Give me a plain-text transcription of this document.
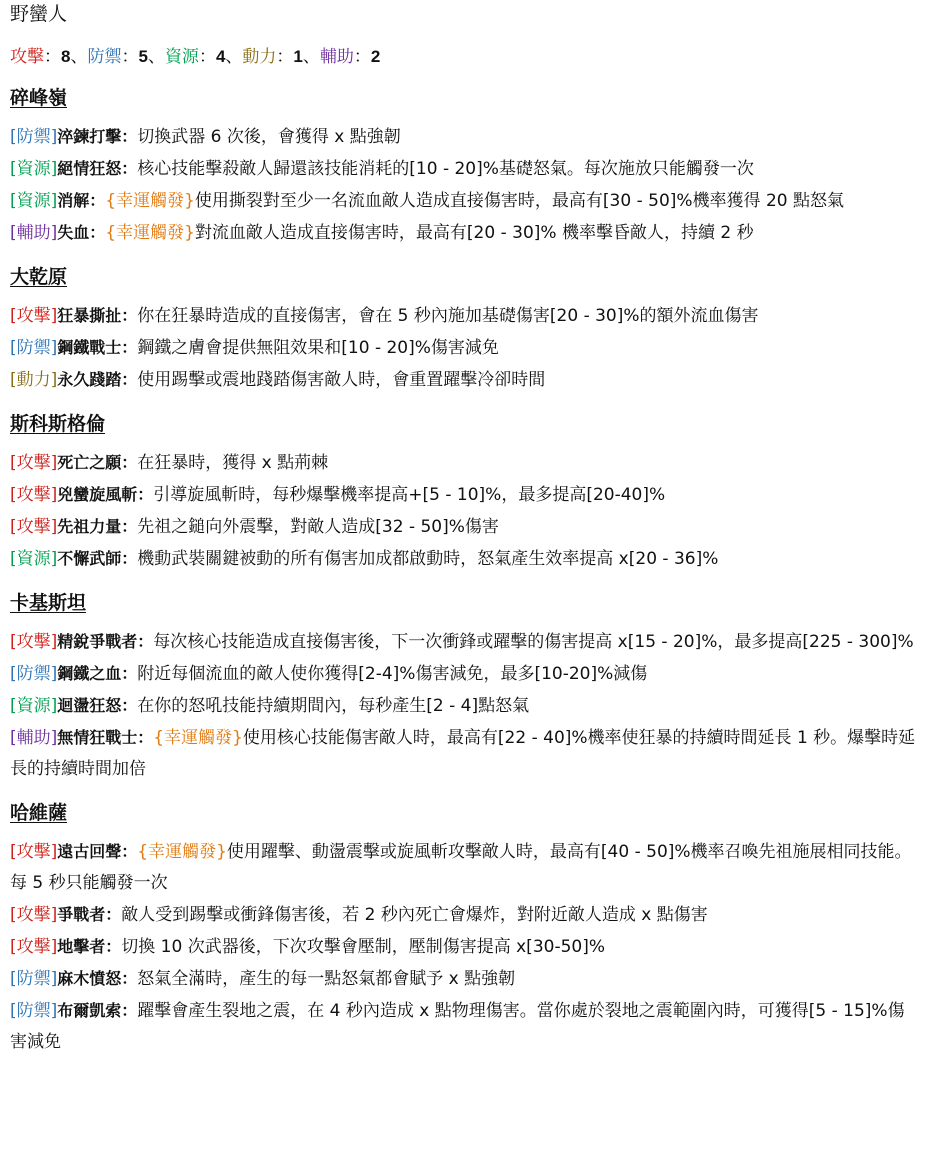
野蠻人
攻擊：8、防禦：5、資源：4、動力：1、輔助：2
碎峰嶺
[防禦]淬鍊打擊：切換武器 6 次後，會獲得 x 點強韌
[資源]絕情狂怒：核心技能擊殺敵人歸還該技能消耗的[10 - 20]%基礎怒氣。每次施放只能觸發一次
[資源]消解：{幸運觸發}使用撕裂對至少一名流血敵人造成直接傷害時，最高有[30 - 50]%機率獲得 20 點怒氣
[輔助]失血：{幸運觸發}對流血敵人造成直接傷害時，最高有[20 - 30]% 機率擊昏敵人，持續 2 秒
大乾原
[攻擊]狂暴撕扯：你在狂暴時造成的直接傷害，會在 5 秒內施加基礎傷害[20 - 30]%的額外流血傷害
[防禦]鋼鐵戰士：鋼鐵之膚會提供無阻效果和[10 - 20]%傷害減免
[動力]永久踐踏：使用踢擊或震地踐踏傷害敵人時，會重置躍擊冷卻時間
斯科斯格倫
[攻擊]死亡之願：在狂暴時，獲得 x 點荊棘
[攻擊]兇蠻旋風斬：引導旋風斬時，每秒爆擊機率提高+[5 - 10]%，最多提高[20-40]%
[攻擊]先祖力量：先祖之鎚向外震擊，對敵人造成[32 - 50]%傷害
[資源]不懈武師：機動武裝關鍵被動的所有傷害加成都啟動時，怒氣產生效率提高 x[20 - 36]%
卡基斯坦
[攻擊]精銳爭戰者：每次核心技能造成直接傷害後，下一次衝鋒或躍擊的傷害提高 x[15 - 20]%，最多提高[225 - 300]%
[防禦]鋼鐵之血：附近每個流血的敵人使你獲得[2-4]%傷害減免，最多[10-20]%減傷
[資源]迴盪狂怒：在你的怒吼技能持續期間內，每秒產生[2 - 4]點怒氣
[輔助]無情狂戰士：{幸運觸發}使用核心技能傷害敵人時，最高有[22 - 40]%機率使狂暴的持續時間延長 1 秒。爆擊時延長的持續時間加倍
哈維薩
[攻擊]遠古回聲：{幸運觸發}使用躍擊、動盪震擊或旋風斬攻擊敵人時，最高有[40 - 50]%機率召喚先祖施展相同技能。每 5 秒只能觸發一次
[攻擊]爭戰者：敵人受到踢擊或衝鋒傷害後，若 2 秒內死亡會爆炸，對附近敵人造成 x 點傷害
[攻擊]地擊者：切換 10 次武器後，下次攻擊會壓制，壓制傷害提高 x[30-50]%
[防禦]麻木憤怒：怒氣全滿時，產生的每一點怒氣都會賦予 x 點強韌
[防禦]布爾凱索：躍擊會產生裂地之震，在 4 秒內造成 x 點物理傷害。當你處於裂地之震範圍內時，可獲得[5 - 15]%傷害減免
